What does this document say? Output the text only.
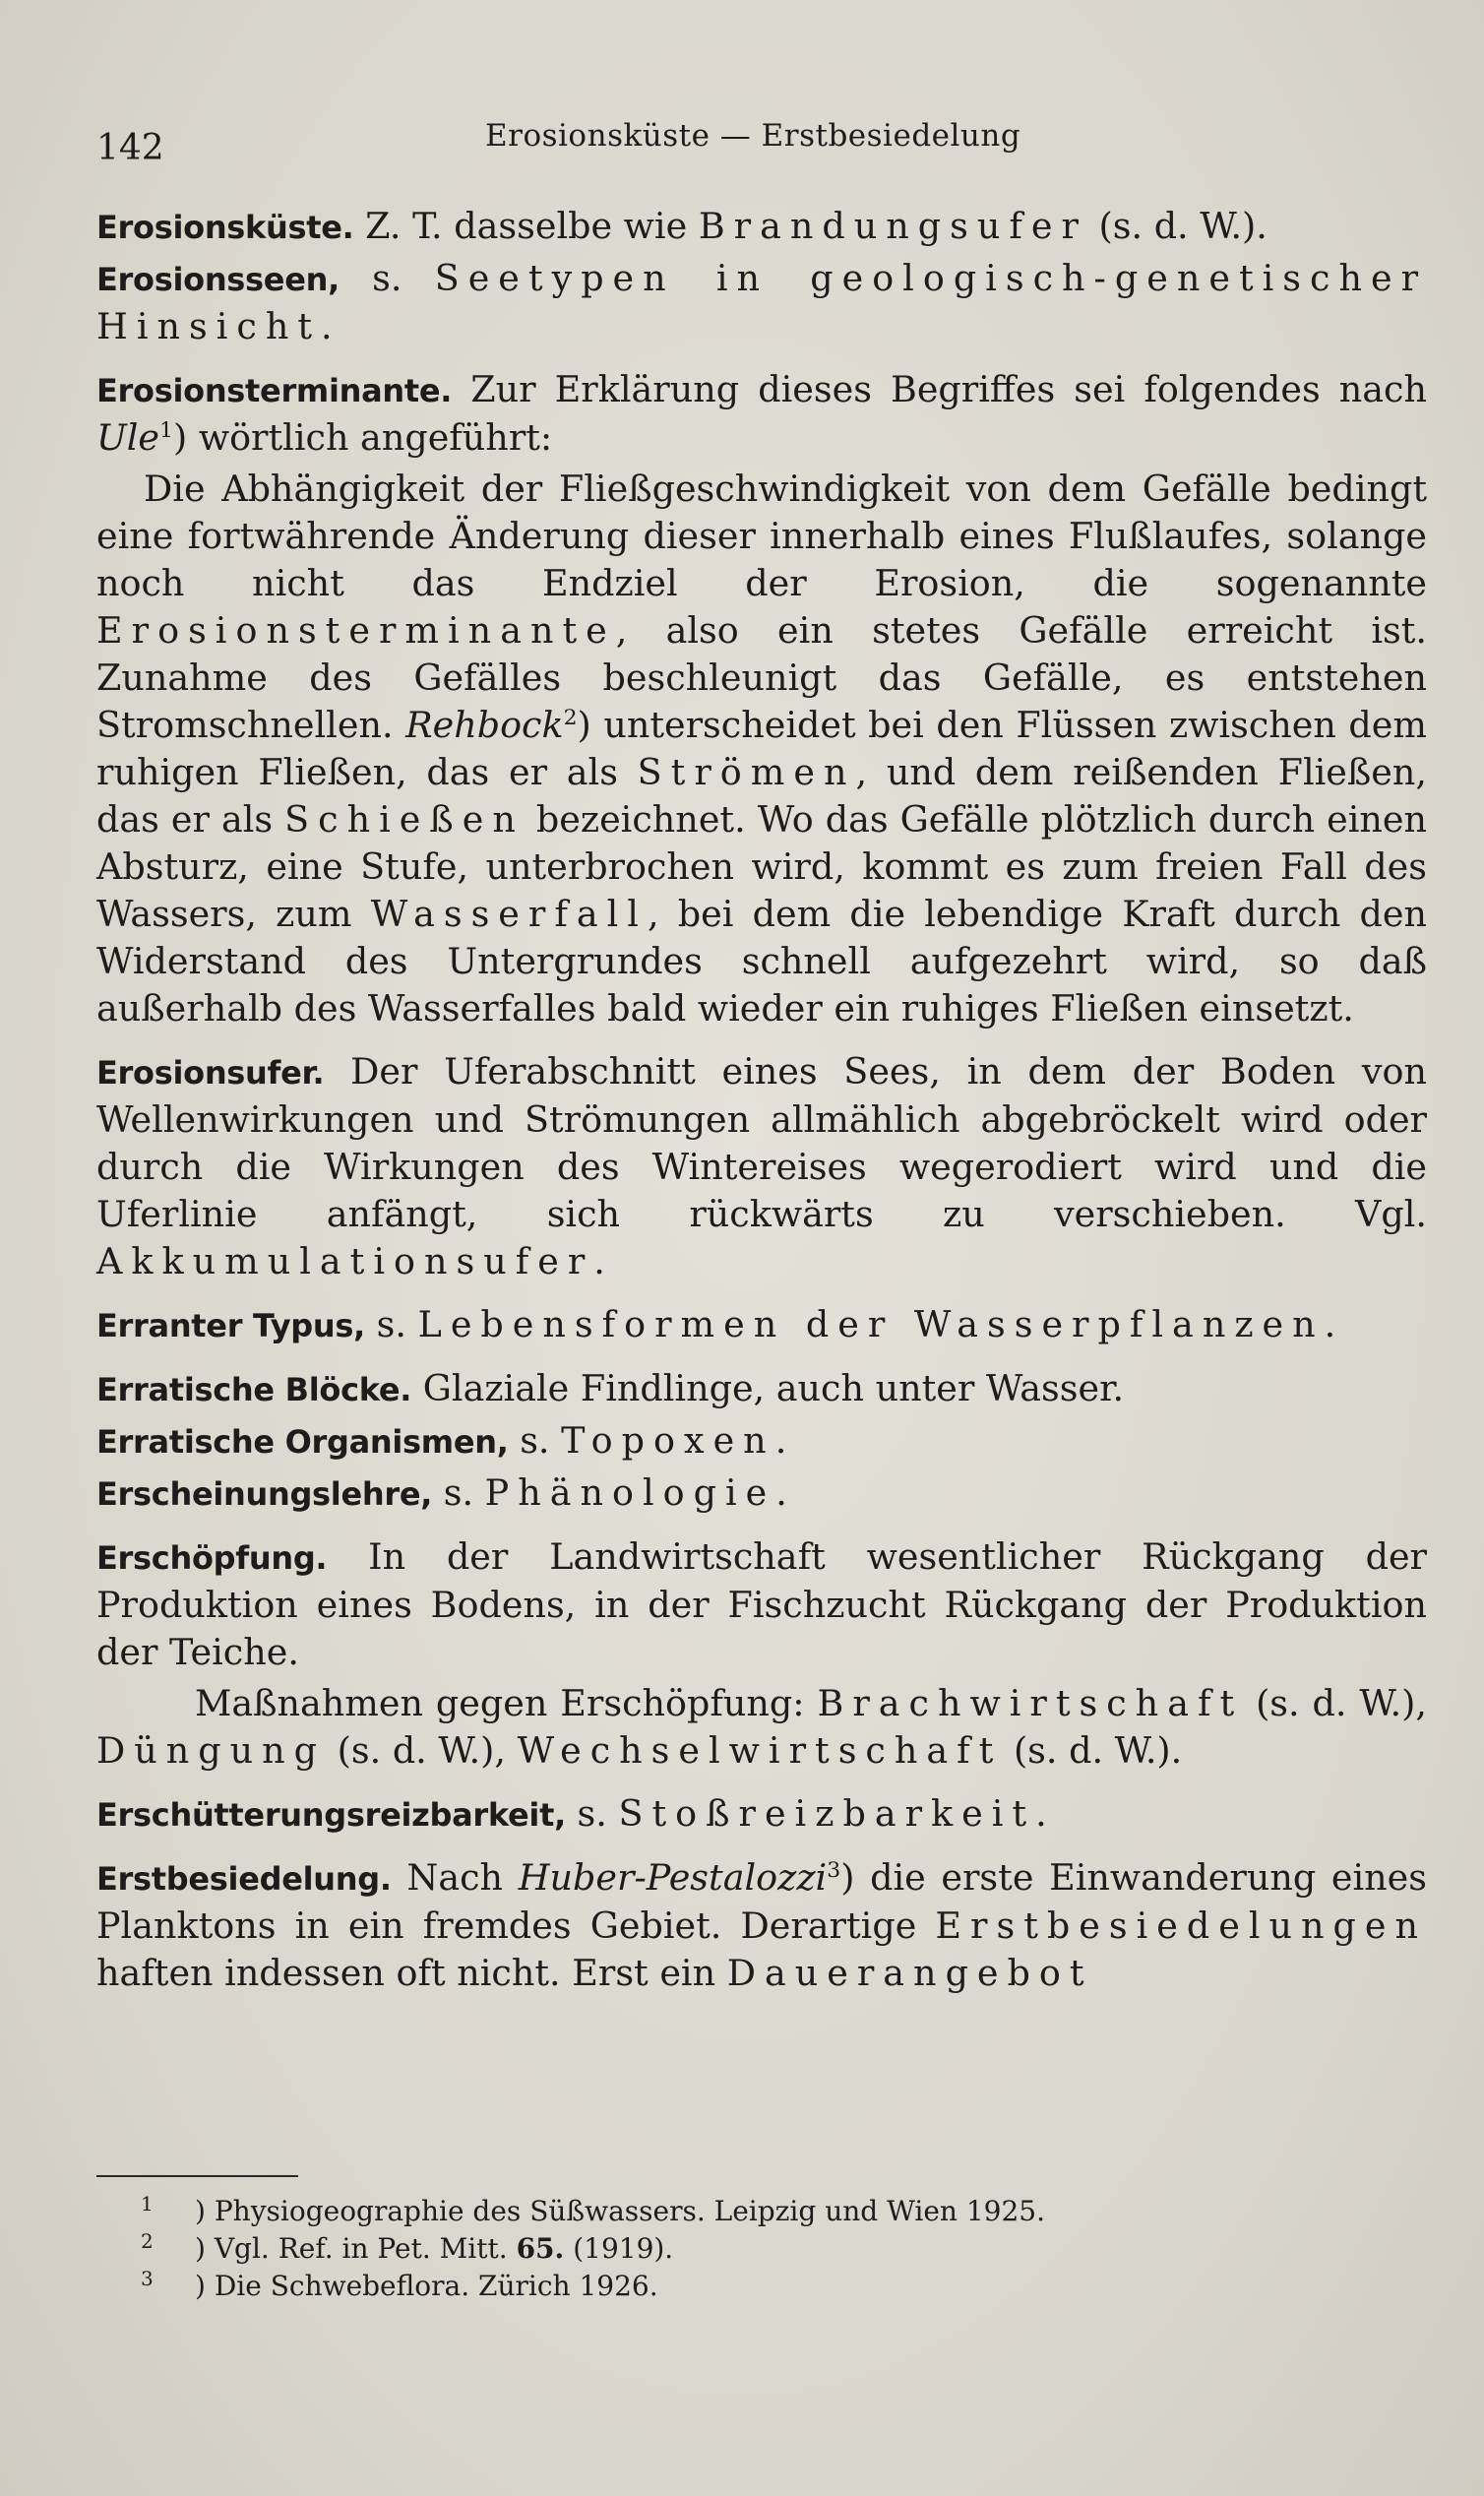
142	Erosionsküste — Erstbesiedelung

Erosionsküste. Z. T. dasselbe wie Brandungsufer (s. d. W.).

Erosionsseen, s. Seetypen in geologisch-genetischer Hinsicht.

Erosionsterminante. Zur Erklärung dieses Begriffes sei folgendes nach Ule$^1$) wörtlich angeführt:

Die Abhängigkeit der Fließgeschwindigkeit von dem Gefälle bedingt eine fortwährende Änderung dieser innerhalb eines Flußlaufes, solange noch nicht das Endziel der Erosion, die sogenannte Erosionsterminante, also ein stetes Gefälle erreicht ist. Zunahme des Gefälles beschleunigt das Gefälle, es entstehen Stromschnellen. Rehbock$^2$) unterscheidet bei den Flüssen zwischen dem ruhigen Fließen, das er als Strömen, und dem reißenden Fließen, das er als Schießen bezeichnet. Wo das Gefälle plötzlich durch einen Absturz, eine Stufe, unterbrochen wird, kommt es zum freien Fall des Wassers, zum Wasserfall, bei dem die lebendige Kraft durch den Widerstand des Untergrundes schnell aufgezehrt wird, so daß außerhalb des Wasserfalles bald wieder ein ruhiges Fließen einsetzt.

Erosionsufer. Der Uferabschnitt eines Sees, in dem der Boden von Wellenwirkungen und Strömungen allmählich abgebröckelt wird oder durch die Wirkungen des Wintereises wegerodiert wird und die Uferlinie anfängt, sich rückwärts zu verschieben. Vgl. Akkumulationsufer.

Erranter Typus, s. Lebensformen der Wasserpflanzen.

Erratische Blöcke. Glaziale Findlinge, auch unter Wasser.

Erratische Organismen, s. Topoxen.

Erscheinungslehre, s. Phänologie.

Erschöpfung. In der Landwirtschaft wesentlicher Rückgang der Produktion eines Bodens, in der Fischzucht Rückgang der Produktion der Teiche.

Maßnahmen gegen Erschöpfung: Brachwirtschaft (s. d. W.), Düngung (s. d. W.), Wechselwirtschaft (s. d. W.).

Erschütterungsreizbarkeit, s. Stoßreizbarkeit.

Erstbesiedelung. Nach Huber-Pestalozzi$^3$) die erste Einwanderung eines Planktons in ein fremdes Gebiet. Derartige Erstbesiedelungen haften indessen oft nicht. Erst ein Dauerangebot

1 ) Physiogeographie des Süßwassers. Leipzig und Wien 1925.
2 ) Vgl. Ref. in Pet. Mitt. 65. (1919).
3 ) Die Schwebeflora. Zürich 1926.
